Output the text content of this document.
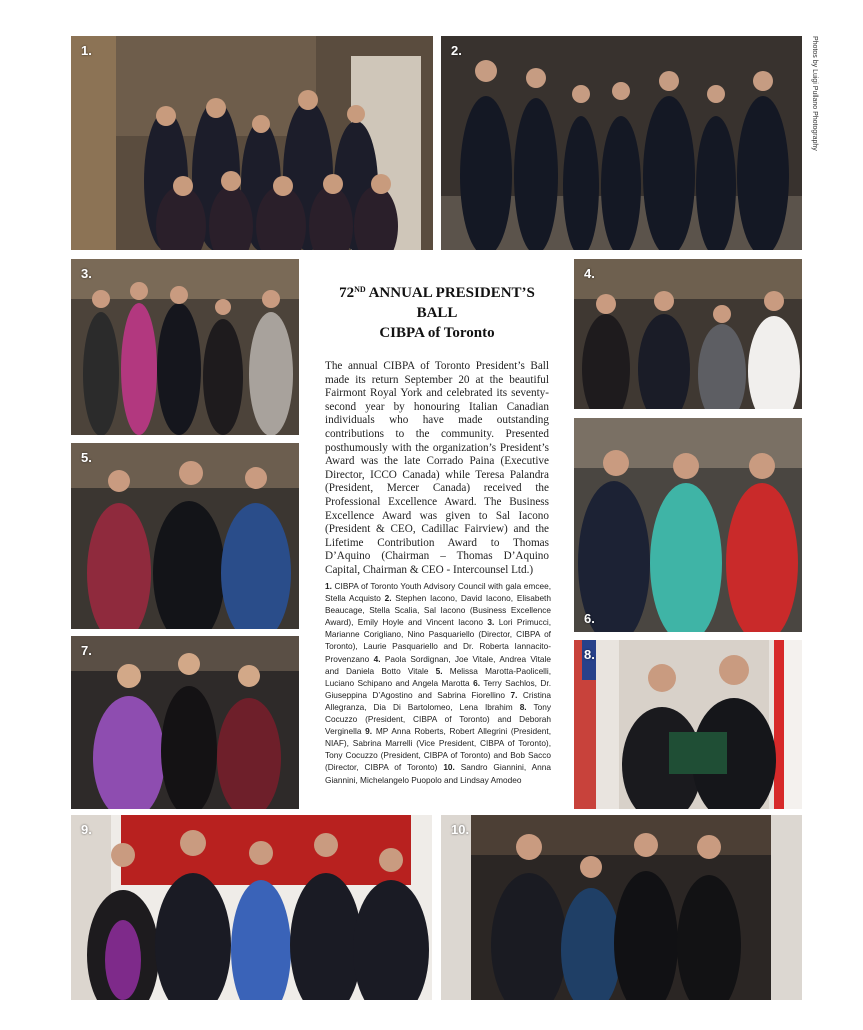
1.	2.
3.	4.
5.
6.
7.	8.
9.	10.
Photos by Luigi Pullano Photography
72ND ANNUAL PRESIDENT’S BALL
CIBPA of Toronto

The annual CIBPA of Toronto President’s Ball made its return September 20 at the beautiful Fairmont Royal York and celebrated its seventy-second year by honouring Italian Canadian individuals who have made outstanding contributions to the community. Presented posthumously with the organization’s President’s Award was the late Corrado Paina (Executive Director, ICCO Canada) while Teresa Palandra (President, Mercer Canada) received the Professional Excellence Award. The Business Excellence Award was given to Sal Iacono (President & CEO, Cadillac Fairview) and the Lifetime Contribution Award to Thomas D’Aquino (Chairman – Thomas D’Aquino Capital, Chairman & CEO - Intercounsel Ltd.)

1. CIBPA of Toronto Youth Advisory Council with gala emcee, Stella Acquisto 2. Stephen Iacono, David Iacono, Elisabeth Beaucage, Stella Scalia, Sal Iacono (Business Excellence Award), Emily Hoyle and Vincent Iacono 3. Lori Primucci, Marianne Corigliano, Nino Pasquariello (Director, CIBPA of Toronto), Laurie Pasquariello and Dr. Roberta Iannacito-Provenzano 4. Paola Sordignan, Joe Vitale, Andrea Vitale and Daniela Botto Vitale 5. Melissa Marotta-Paolicelli, Luciano Schipano and Angela Marotta 6. Terry Sachlos, Dr. Giuseppina D’Agostino and Sabrina Fiorellino 7. Cristina Allegranza, Dia Di Bartolomeo, Lena Ibrahim 8. Tony Cocuzzo (President, CIBPA of Toronto) and Deborah Verginella 9. MP Anna Roberts, Robert Allegrini (President, NIAF), Sabrina Marrelli (Vice President, CIBPA of Toronto), Tony Cocuzzo (President, CIBPA of Toronto) and Bob Sacco (Director, CIBPA of Toronto) 10. Sandro Giannini, Anna Giannini, Michelangelo Puopolo and Lindsay Amodeo
